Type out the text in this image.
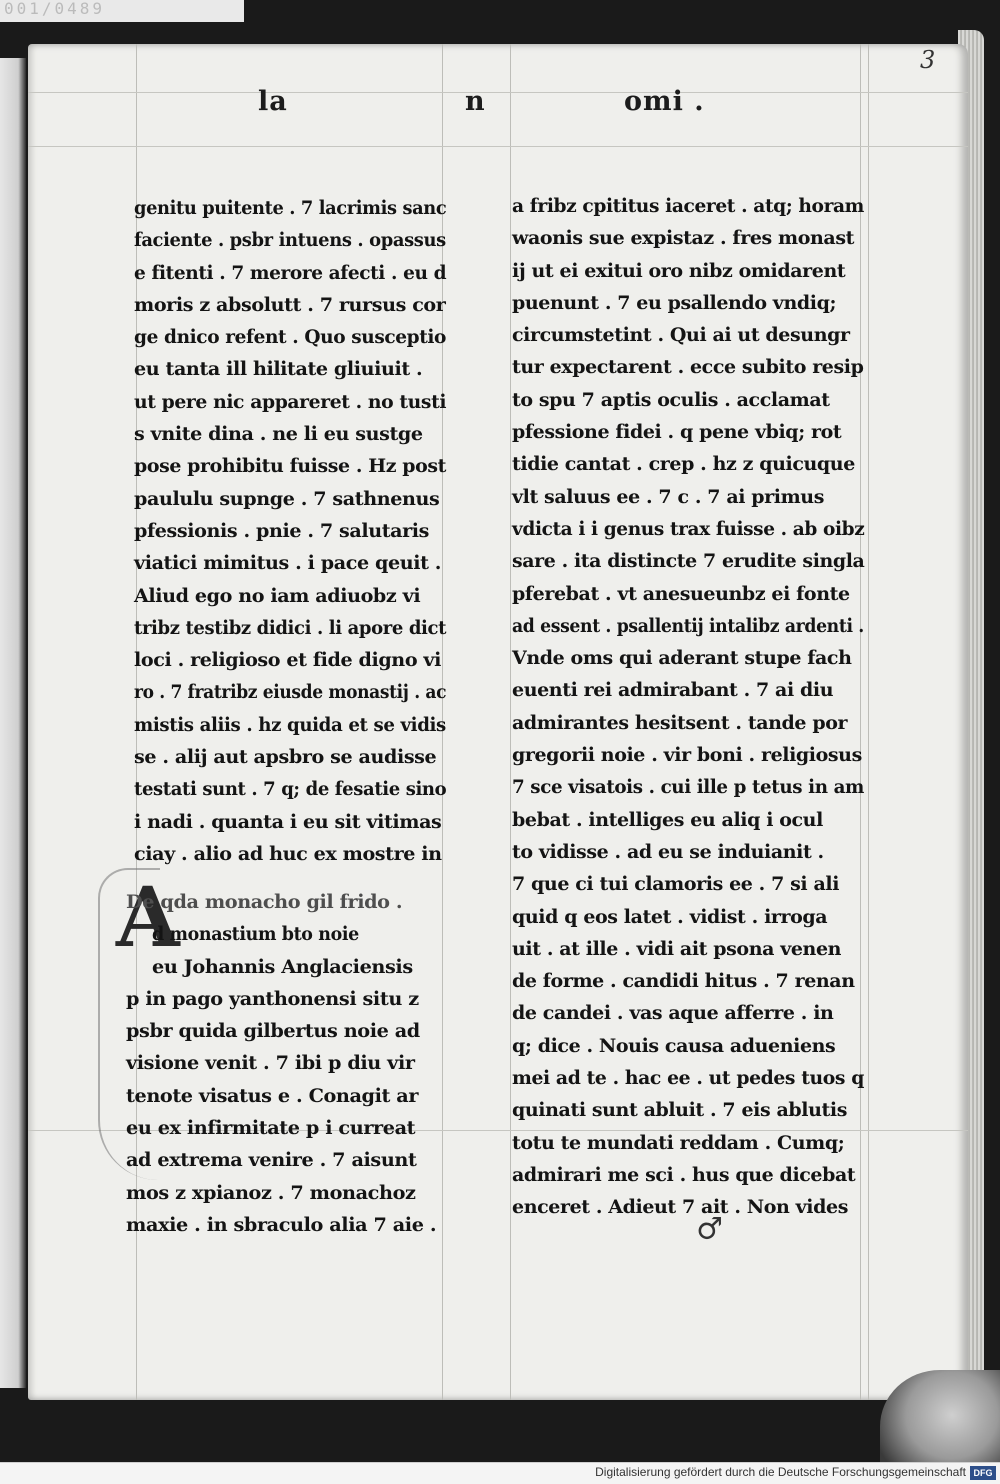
001/0489
3
la	n	omi .
genitu puitente . 7 lacrimis sanc
faciente . psbr intuens . opassus
e fitenti . 7 merore afecti . eu d
moris z absolutt . 7 rursus cor
ge dnico refent . Quo susceptio
eu tanta ill hilitate gliuiuit .
ut pere nic appareret . no tusti
s vnite dina . ne li eu sustge
pose prohibitu fuisse . Hz post
paululu supnge . 7 sathnenus
pfessionis . pnie . 7 salutaris
viatici mimitus . i pace qeuit .
Aliud ego no iam adiuobz vi
tribz testibz didici . li apore dict
loci . religioso et fide digno vi
ro . 7 fratribz eiusde monastij . ac
mistis aliis . hz quida et se vidis
se . alij aut apsbro se audisse
testati sunt . 7 q; de fesatie sino
i nadi . quanta i eu sit vitimas
ciay . alio ad huc ex mostre in
A
De qda monacho gil frido .
d monastium bto noie
eu Johannis Anglaciensis
p in pago yanthonensi situ z
psbr quida gilbertus noie ad
visione venit . 7 ibi p diu vir
tenote visatus e . Conagit ar
eu ex infirmitate p i curreat
ad extrema venire . 7 aisunt
mos z xpianoz . 7 monachoz
maxie . in sbraculo alia 7 aie .
a fribz cpititus iaceret . atq; horam
waonis sue expistaz . fres monast
ij ut ei exitui oro nibz omidarent
puenunt . 7 eu psallendo vndiq;
circumstetint . Qui ai ut desungr
tur expectarent . ecce subito resip
to spu 7 aptis oculis . acclamat
pfessione fidei . q pene vbiq; rot
tidie cantat . crep . hz z quicuque
vlt saluus ee . 7 c . 7 ai primus
vdicta i i genus trax fuisse . ab oibz
sare . ita distincte 7 erudite singla
pferebat . vt anesueunbz ei fonte
ad essent . psallentij intalibz ardenti .
Vnde oms qui aderant stupe fach
euenti rei admirabant . 7 ai diu
admirantes hesitsent . tande por
gregorii noie . vir boni . religiosus
7 sce visatois . cui ille p tetus in am
bebat . intelliges eu aliq i ocul
to vidisse . ad eu se induianit .
7 que ci tui clamoris ee . 7 si ali
quid q eos latet . vidist . irroga
uit . at ille . vidi ait psona venen
de forme . candidi hitus . 7 renan
de candei . vas aque afferre . in
q; dice . Nouis causa adueniens
mei ad te . hac ee . ut pedes tuos q
quinati sunt abluit . 7 eis ablutis
totu te mundati reddam . Cumq;
admirari me sci . hus que dicebat
enceret . Adieut 7 ait . Non vides
♂
Digitalisierung gefördert durch die Deutsche Forschungsgemeinschaft DFG
